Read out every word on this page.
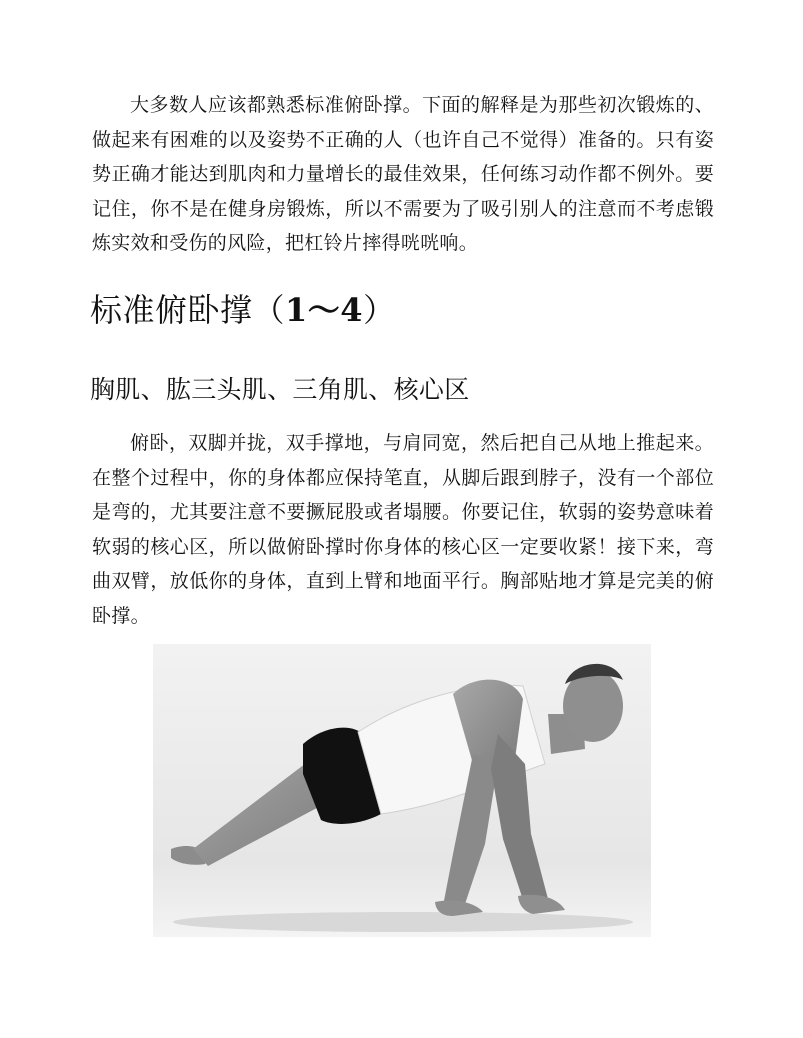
大多数人应该都熟悉标准俯卧撑。下面的解释是为那些初次锻炼的、做起来有困难的以及姿势不正确的人（也许自己不觉得）准备的。只有姿势正确才能达到肌肉和力量增长的最佳效果，任何练习动作都不例外。要记住，你不是在健身房锻炼，所以不需要为了吸引别人的注意而不考虑锻炼实效和受伤的风险，把杠铃片摔得咣咣响。

标准俯卧撑（1～4）
胸肌、肱三头肌、三角肌、核心区

俯卧，双脚并拢，双手撑地，与肩同宽，然后把自己从地上推起来。在整个过程中，你的身体都应保持笔直，从脚后跟到脖子，没有一个部位是弯的，尤其要注意不要撅屁股或者塌腰。你要记住，软弱的姿势意味着软弱的核心区，所以做俯卧撑时你身体的核心区一定要收紧！接下来，弯曲双臂，放低你的身体，直到上臂和地面平行。胸部贴地才算是完美的俯卧撑。
